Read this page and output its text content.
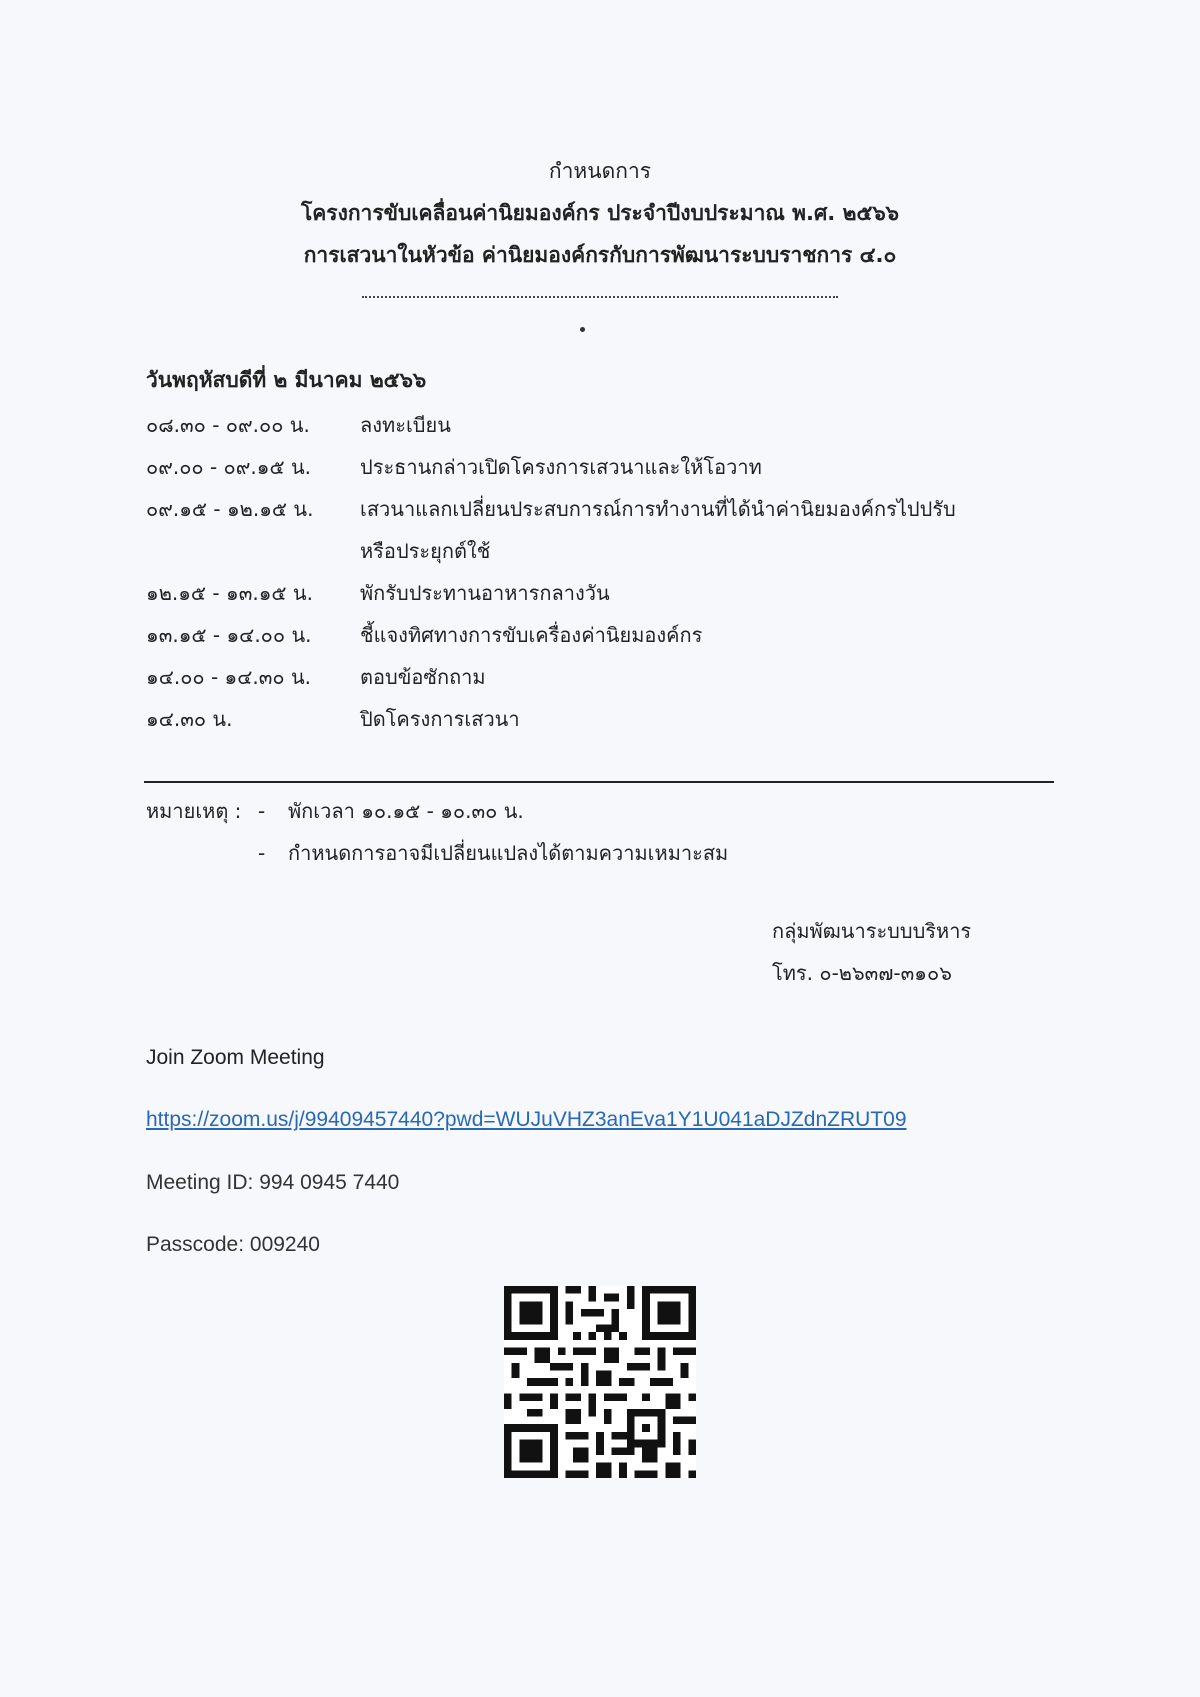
กำหนดการ
โครงการขับเคลื่อนค่านิยมองค์กร ประจำปีงบประมาณ พ.ศ. ๒๕๖๖
การเสวนาในหัวข้อ ค่านิยมองค์กรกับการพัฒนาระบบราชการ ๔.๐
วันพฤหัสบดีที่ ๒ มีนาคม ๒๕๖๖
๐๘.๓๐ - ๐๙.๐๐ น.	ลงทะเบียน
๐๙.๐๐ - ๐๙.๑๕ น.	ประธานกล่าวเปิดโครงการเสวนาและให้โอวาท
๐๙.๑๕ - ๑๒.๑๕ น.	เสวนาแลกเปลี่ยนประสบการณ์การทำงานที่ได้นำค่านิยมองค์กรไปปรับ
หรือประยุกต์ใช้
๑๒.๑๕ - ๑๓.๑๕ น.	พักรับประทานอาหารกลางวัน
๑๓.๑๕ - ๑๔.๐๐ น.	ชี้แจงทิศทางการขับเครื่องค่านิยมองค์กร
๑๔.๐๐ - ๑๔.๓๐ น.	ตอบข้อซักถาม
๑๔.๓๐ น.	ปิดโครงการเสวนา
หมายเหตุ : -	พักเวลา ๑๐.๑๕ - ๑๐.๓๐ น.
-	กำหนดการอาจมีเปลี่ยนแปลงได้ตามความเหมาะสม
กลุ่มพัฒนาระบบบริหาร
โทร. ๐-๒๖๓๗-๓๑๐๖
Join Zoom Meeting
https://zoom.us/j/99409457440?pwd=WUJuVHZ3anEva1Y1U041aDJZdnZRUT09
Meeting ID: 994 0945 7440
Passcode: 009240
